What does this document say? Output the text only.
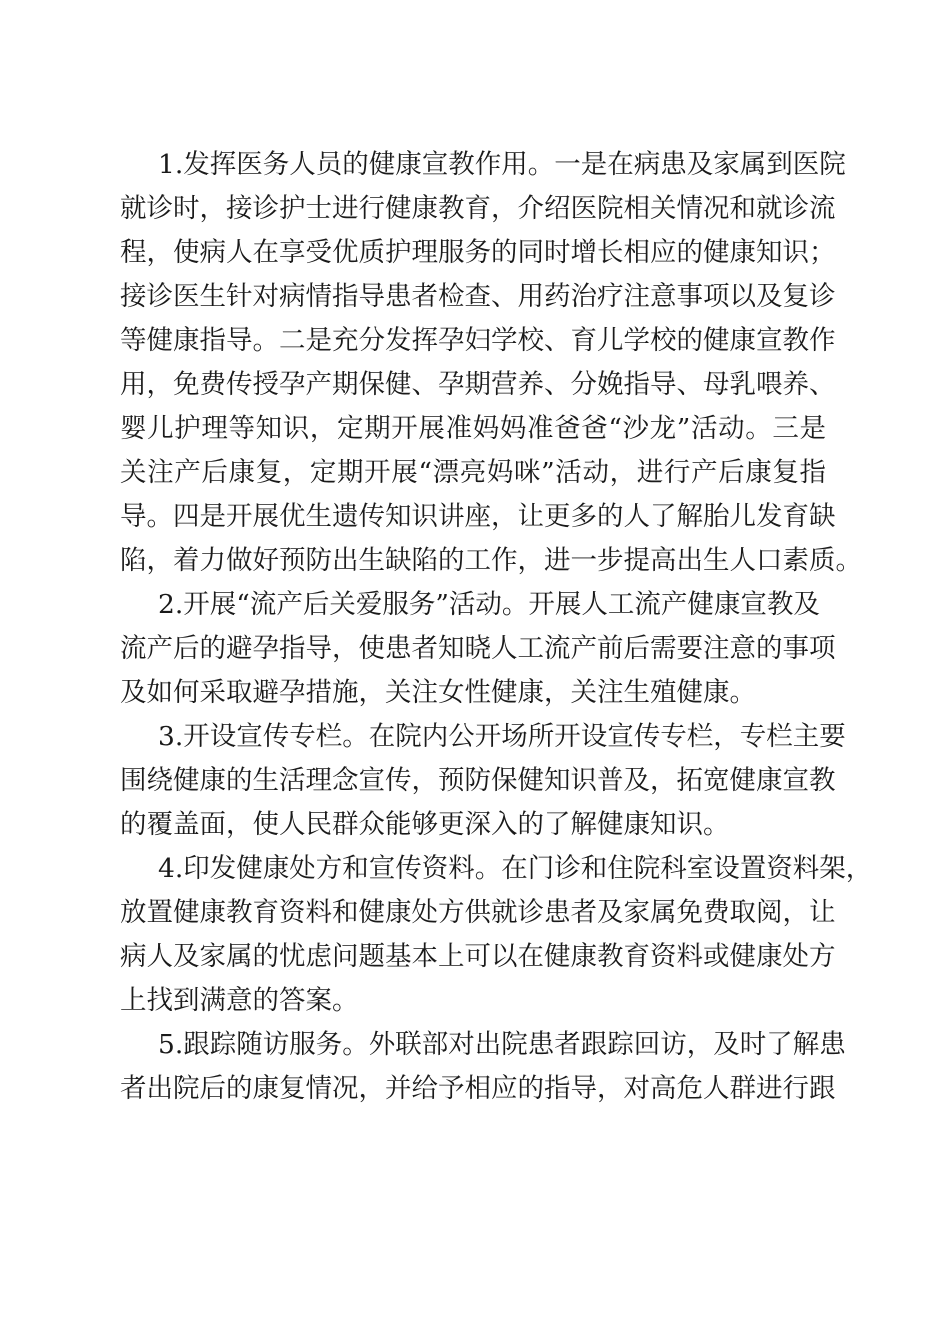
1.发挥医务人员的健康宣教作用。一是在病患及家属到医院
就诊时，接诊护士进行健康教育，介绍医院相关情况和就诊流
程，使病人在享受优质护理服务的同时增长相应的健康知识；
接诊医生针对病情指导患者检查、用药治疗注意事项以及复诊
等健康指导。二是充分发挥孕妇学校、育儿学校的健康宣教作
用，免费传授孕产期保健、孕期营养、分娩指导、母乳喂养、
婴儿护理等知识，定期开展准妈妈准爸爸“沙龙”活动。三是
关注产后康复，定期开展“漂亮妈咪”活动，进行产后康复指
导。四是开展优生遗传知识讲座，让更多的人了解胎儿发育缺
陷，着力做好预防出生缺陷的工作，进一步提高出生人口素质。
2.开展“流产后关爱服务”活动。开展人工流产健康宣教及
流产后的避孕指导，使患者知晓人工流产前后需要注意的事项
及如何采取避孕措施，关注女性健康，关注生殖健康。
3.开设宣传专栏。在院内公开场所开设宣传专栏，专栏主要
围绕健康的生活理念宣传，预防保健知识普及，拓宽健康宣教
的覆盖面，使人民群众能够更深入的了解健康知识。
4.印发健康处方和宣传资料。在门诊和住院科室设置资料架，
放置健康教育资料和健康处方供就诊患者及家属免费取阅，让
病人及家属的忧虑问题基本上可以在健康教育资料或健康处方
上找到满意的答案。
5.跟踪随访服务。外联部对出院患者跟踪回访，及时了解患
者出院后的康复情况，并给予相应的指导，对高危人群进行跟
